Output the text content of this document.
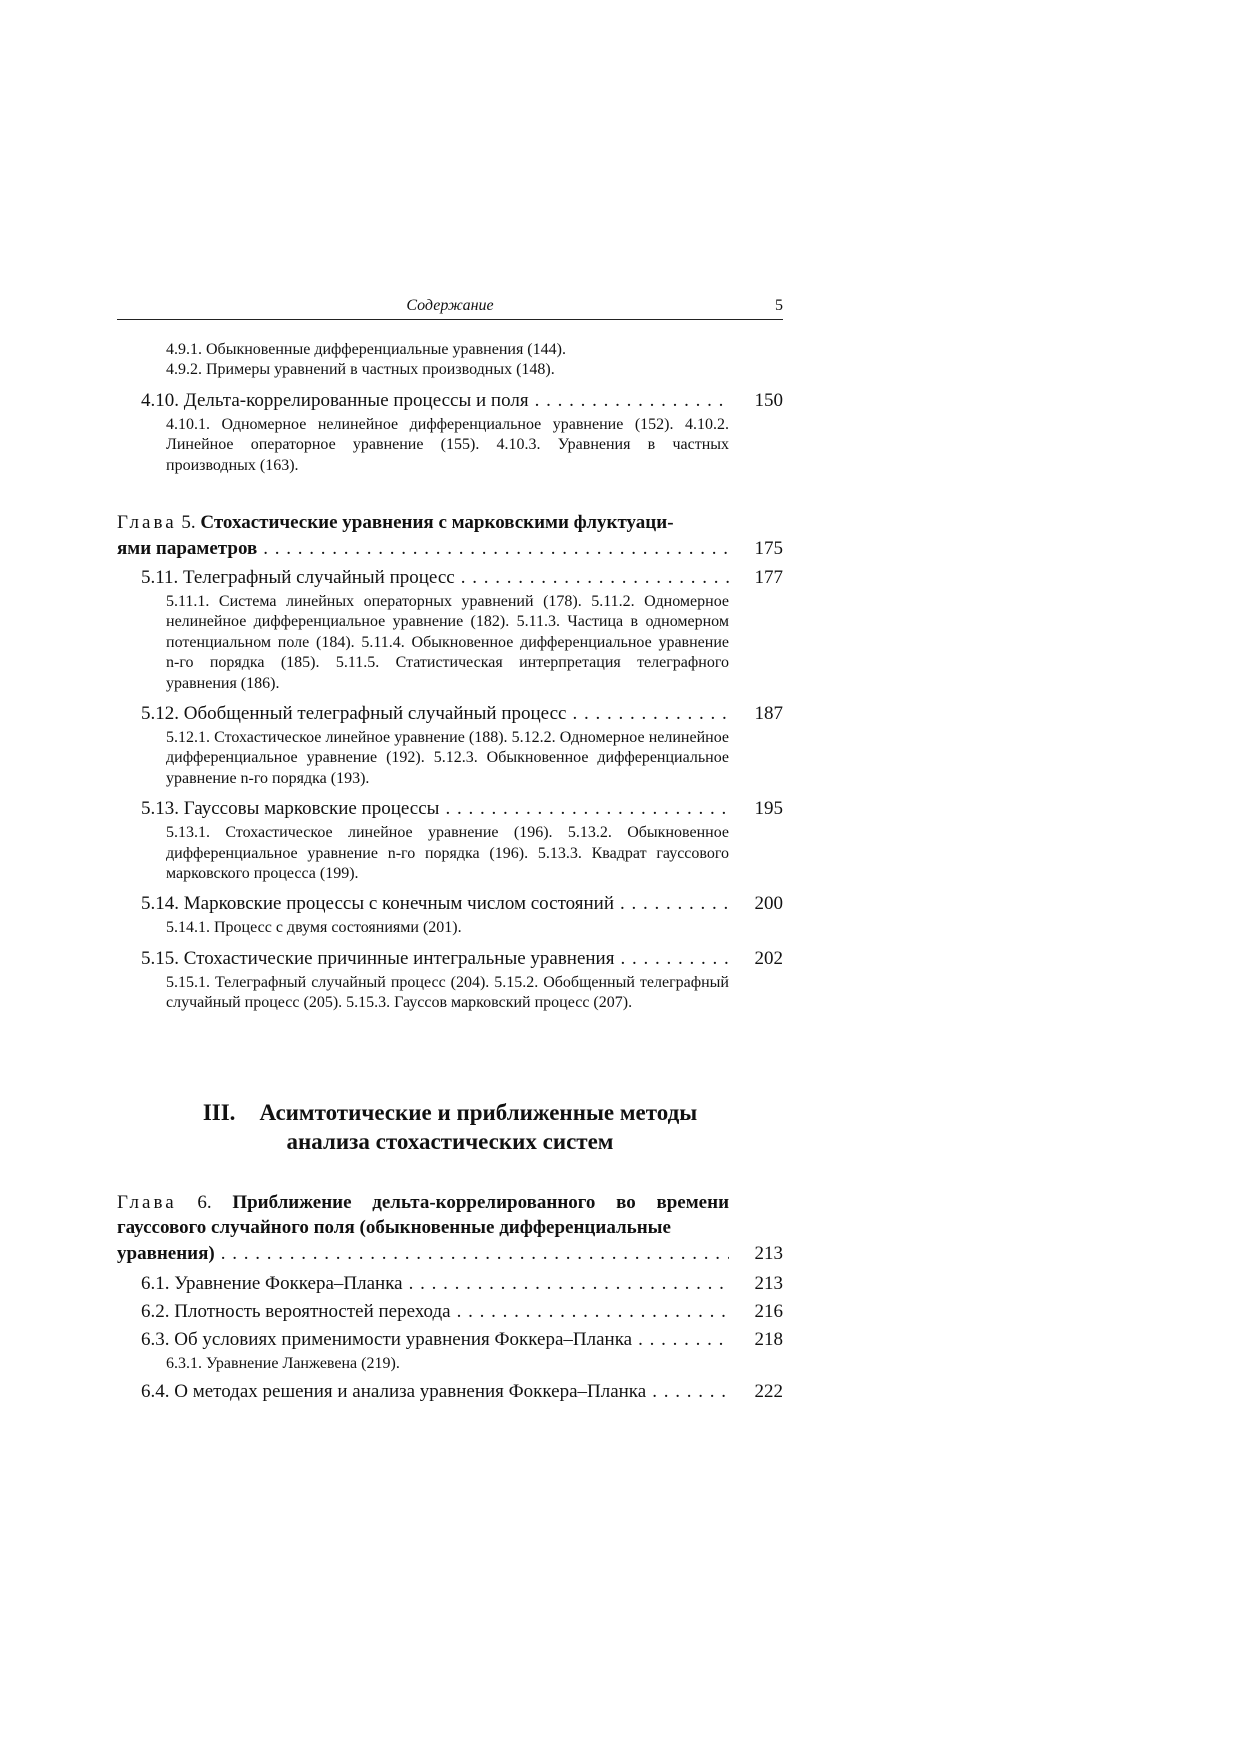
Содержание	5
4.9.1. Обыкновенные дифференциальные уравнения (144).
4.9.2. Примеры уравнений в частных производных (148).
4.10. Дельта-коррелированные процессы и поля . . .	150
4.10.1. Одномерное нелинейное дифференциальное уравнение (152). 4.10.2. Линейное операторное уравнение (155). 4.10.3. Уравнения в частных производных (163).
Глава 5. Стохастические уравнения с марковскими флуктуаци-
ями параметров . . .	175
5.11. Телеграфный случайный процесс . . .	177
5.11.1. Система линейных операторных уравнений (178). 5.11.2. Одномерное нелинейное дифференциальное уравнение (182). 5.11.3. Частица в одномерном потенциальном поле (184). 5.11.4. Обыкновенное дифференциальное уравнение n-го порядка (185). 5.11.5. Статистическая интерпретация телеграфного уравнения (186).
5.12. Обобщенный телеграфный случайный процесс . . .	187
5.12.1. Стохастическое линейное уравнение (188). 5.12.2. Одномерное нелинейное дифференциальное уравнение (192). 5.12.3. Обыкновенное дифференциальное уравнение n-го порядка (193).
5.13. Гауссовы марковские процессы . . .	195
5.13.1. Стохастическое линейное уравнение (196). 5.13.2. Обыкновенное дифференциальное уравнение n-го порядка (196). 5.13.3. Квадрат гауссового марковского процесса (199).
5.14. Марковские процессы с конечным числом состояний . . .	200
5.14.1. Процесс с двумя состояниями (201).
5.15. Стохастические причинные интегральные уравнения . . .	202
5.15.1. Телеграфный случайный процесс (204). 5.15.2. Обобщенный телеграфный случайный процесс (205). 5.15.3. Гауссов марковский процесс (207).
III. Асимтотические и приближенные методы
анализа стохастических систем
Глава 6. Приближение дельта-коррелированного во времени гауссового случайного поля (обыкновенные дифференциальные
уравнения) . . .	213
6.1. Уравнение Фоккера–Планка . . .	213
6.2. Плотность вероятностей перехода . . .	216
6.3. Об условиях применимости уравнения Фоккера–Планка . . .	218
6.3.1. Уравнение Ланжевена (219).
6.4. О методах решения и анализа уравнения Фоккера–Планка . . .	222
